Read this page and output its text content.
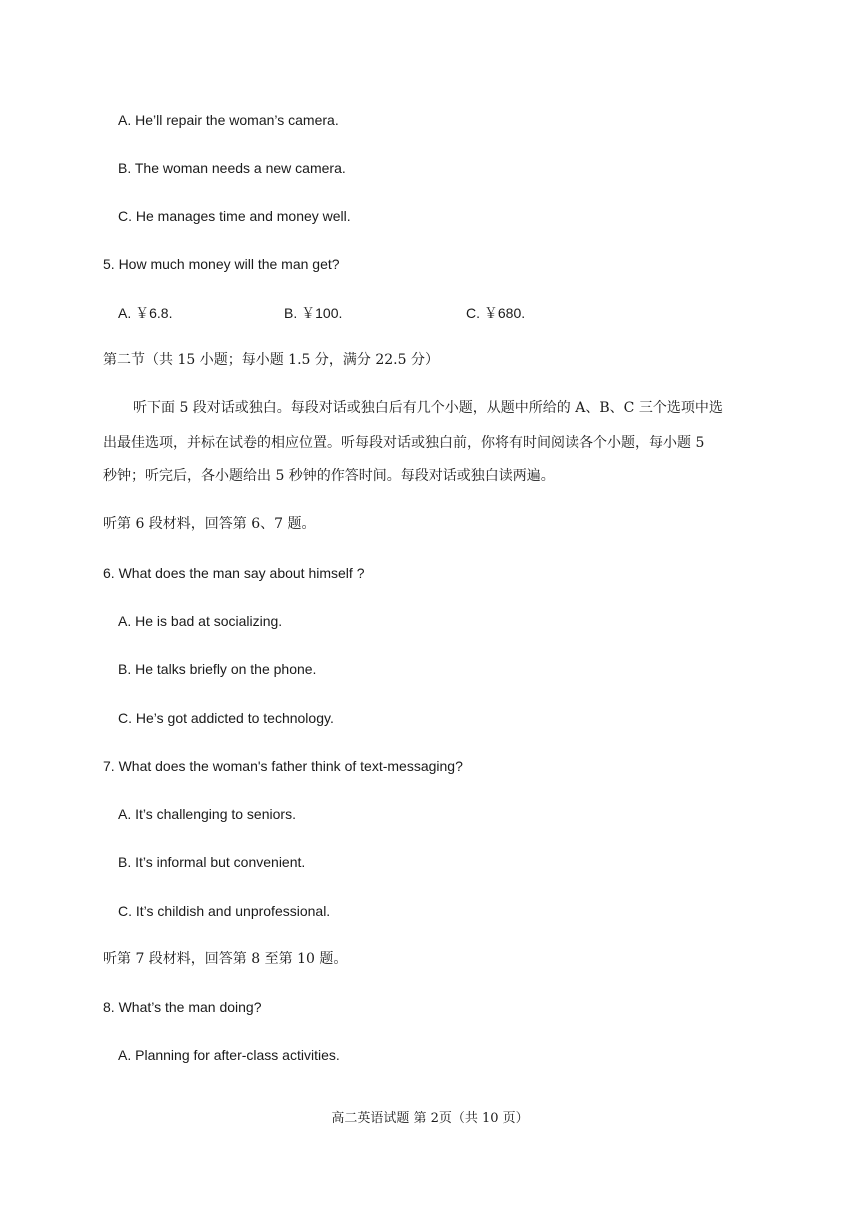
A. He’ll repair the woman’s camera.
B. The woman needs a new camera.
C. He manages time and money well.
5. How much money will the man get?
A. ￥6.8.	B. ￥100.	C. ￥680.
第二节（共 15 小题；每小题 1.5 分，满分 22.5 分）
听下面 5 段对话或独白。每段对话或独白后有几个小题，从题中所给的 A、B、C 三个选项中选
出最佳选项，并标在试卷的相应位置。听每段对话或独白前，你将有时间阅读各个小题，每小题 5
秒钟；听完后，各小题给出 5 秒钟的作答时间。每段对话或独白读两遍。
听第 6 段材料，回答第 6、7 题。
6. What does the man say about himself ?
A. He is bad at socializing.
B. He talks briefly on the phone.
C. He’s got addicted to technology.
7. What does the woman's father think of text-messaging?
A. It’s challenging to seniors.
B. It’s informal but convenient.
C. It’s childish and unprofessional.
听第 7 段材料，回答第 8 至第 10 题。
8. What’s the man doing?
A. Planning for after-class activities.
高二英语试题 第 2页（共 10 页）
